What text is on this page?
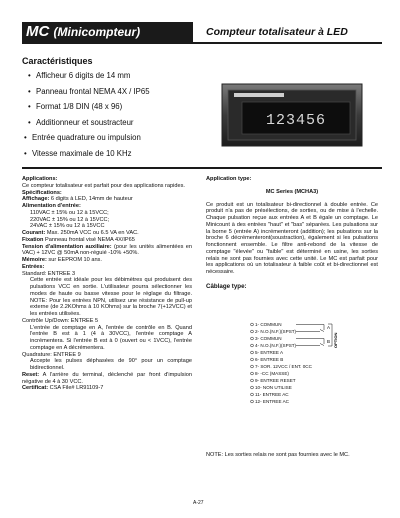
MC (Minicompteur)	Compteur totalisateur à LED
Caractéristiques
• Afficheur 6 digits de 14 mm
• Panneau frontal NEMA 4X / IP65
• Format 1/8 DIN (48 x 96)
• Additionneur et soustracteur
• Entrée quadrature ou impulsion
• Vitesse maximale de 10 KHz
123456

Applications:

Ce compteur totalisateur est parfait pour des applications rapides.

Spécifications:

Affichage: 6 digits à LED, 14mm de hauteur

Alimentation d'entrée:

110VAC ± 15% ou 12 à 15VCC;

220VAC ± 15% ou 12 à 15VCC;

24VAC ± 15% ou 12 à 15VCC

Courant: Max. 250mA VCC ou 6.5 VA en VAC.

Fixation Panneau frontal visé NEMA 4X/IP65

Tension d'alimentation auxiliaire: (pour les unités alimentées en VAC) + 12VC @ 50mA non-réguié -10% +50%.

Mémoire: sur EEPROM 10 ans.

Entrées:

Standard: ENTREE 3

Cette entrée est idéale pour les débimètres qui produisent des pulsations VCC en sortie. L'utilisateur pourra sélectionner les modes de haute ou basse vitesse pour le réglage du filtrage. NOTE: Pour les entrées NPN, utilisez une résistance de pull-up externe (de 2.2KOhms à 10 KOhms) sur la broche 7(+12VCC) et les entrées utilisées.

Contrôle Up/Down: ENTREE 5

L'entrée de comptage en A, l'entrée de contrôle en B. Quand l'entrée B est à 1 (4 à 30VCC), l'entrée comptage A incrémentera. Si l'entrée B est à 0 (ouvert ou < 1VCC), l'entrée comptage en A décrémentera.

Quadrature: ENTREE 9

Accepte les pulses déphasées de 90° pour un comptage bidirectionnel.

Reset: A l'arrière du terminal, déclenché par front d'impulsion négative de 4 à 30 VCC.

Certificat: CSA File# LR91109-7

Application type:

MC Series (MCHA3)

Ce produit est un totalisateur bi-directionnel à double entrée. Ce produit n'a pas de présélections, de sorties, ou de mise à l'echelle. Chaque pulsation reçue aux entrées A et B égale un comptage. Le Minicount à des entrées "haut" et "bas" séparées. Les pulsations sur la borne 5 (entrée A) incrémenteront (addition); les pulsations sur la broche 6 décrémenteront(soustraction), également si les pulsations fonctionnent ensemble. Le filtre anti-rebond de la vitesse de comptage "élevée" ou "faible" est déterminé en usine, les sorties relais ne sont pas fournies avec cette unité. Le MC est parfait pour les applications où un totalisateur à faible coût et bi-directionnel est nécessaire.

Câblage type:

1- COMMUN
2- N.O.(N.F.)(SPST)
3- COMMUN
4- N.O.(N.F.)(SPST)
5- ENTREE A
6- ENTREE B
7- SOR. 12VCC / ENT. 0CC
8- -CC (MASSE)
9- ENTREE RESET
10- NON UTILISE
11- ENTREE AC
12- ENTREE AC
A
B OPTION
NOTE: Les sorties relais ne sont pas fournies avec le MC.
A-27
